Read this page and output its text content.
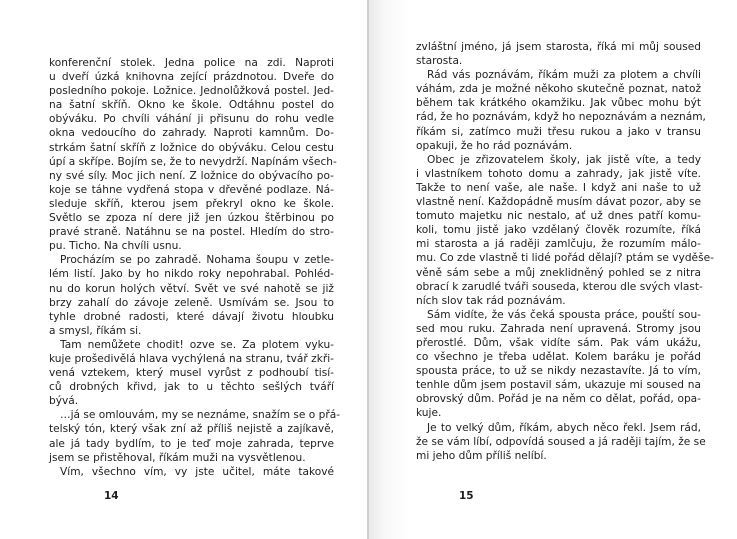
konferenční stolek. Jedna police na zdi. Naproti
u dveří úzká knihovna zející prázdnotou. Dveře do
posledního pokoje. Ložnice. Jednolůžková postel. Jed-
na šatní skříň. Okno ke škole. Odtáhnu postel do
obýváku. Po chvíli váhání ji přisunu do rohu vedle
okna vedoucího do zahrady. Naproti kamnům. Do-
strkám šatní skříň z ložnice do obýváku. Celou cestu
úpí a skřípe. Bojím se, že to nevydrží. Napínám všech-
ny své síly. Moc jich není. Z ložnice do obývacího po-
koje se táhne vydřená stopa v dřevěné podlaze. Ná-
sleduje skříň, kterou jsem překryl okno ke škole.
Světlo se zpoza ní dere již jen úzkou štěrbinou po
pravé straně. Natáhnu se na postel. Hledím do stro-
pu. Ticho. Na chvíli usnu.
Procházím se po zahradě. Nohama šoupu v zetle-
lém listí. Jako by ho nikdo roky nepohrabal. Pohléd-
nu do korun holých větví. Svět ve své nahotě se již
brzy zahalí do závoje zeleně. Usmívám se. Jsou to
tyhle drobné radosti, které dávají životu hloubku
a smysl, říkám si.
Tam nemůžete chodit! ozve se. Za plotem vyku-
kuje prošedivělá hlava vychýlená na stranu, tvář zkři-
vená vztekem, který musel vyrůst z podhoubí tisí-
ců drobných křivd, jak to u těchto sešlých tváří
bývá.
…já se omlouvám, my se neznáme, snažím se o přá-
telský tón, který však zní až příliš nejistě a zajíkavě,
ale já tady bydlím, to je teď moje zahrada, teprve
jsem se přistěhoval, říkám muži na vysvětlenou.
Vím, všechno vím, vy jste učitel, máte takové
14
zvláštní jméno, já jsem starosta, říká mi můj soused
starosta.
Rád vás poznávám, říkám muži za plotem a chvíli
váhám, zda je možné někoho skutečně poznat, natož
během tak krátkého okamžiku. Jak vůbec mohu být
rád, že ho poznávám, když ho nepoznávám a neznám,
říkám si, zatímco muži třesu rukou a jako v transu
opakuji, že ho rád poznávám.
Obec je zřizovatelem školy, jak jistě víte, a tedy
i vlastníkem tohoto domu a zahrady, jak jistě víte.
Takže to není vaše, ale naše. I když ani naše to už
vlastně není. Každopádně musím dávat pozor, aby se
tomuto majetku nic nestalo, ať už dnes patří komu-
koli, tomu jistě jako vzdělaný člověk rozumíte, říká
mi starosta a já raději zamlčuju, že rozumím málo-
mu. Co zde vlastně ti lidé pořád dělají? ptám se vyděše-
věně sám sebe a můj zneklidněný pohled se z nitra
obrací k zarudlé tváři souseda, kterou dle svých vlast-
ních slov tak rád poznávám.
Sám vidíte, že vás čeká spousta práce, pouští sou-
sed mou ruku. Zahrada není upravená. Stromy jsou
přerostlé. Dům, však vidíte sám. Pak vám ukážu,
co všechno je třeba udělat. Kolem baráku je pořád
spousta práce, to už se nikdy nezastavíte. Já to vím,
tenhle dům jsem postavil sám, ukazuje mi soused na
obrovský dům. Pořád je na něm co dělat, pořád, opa-
kuje.
Je to velký dům, říkám, abych něco řekl. Jsem rád,
že se vám líbí, odpovídá soused a já raději tajím, že se
mi jeho dům příliš nelíbí.
15
